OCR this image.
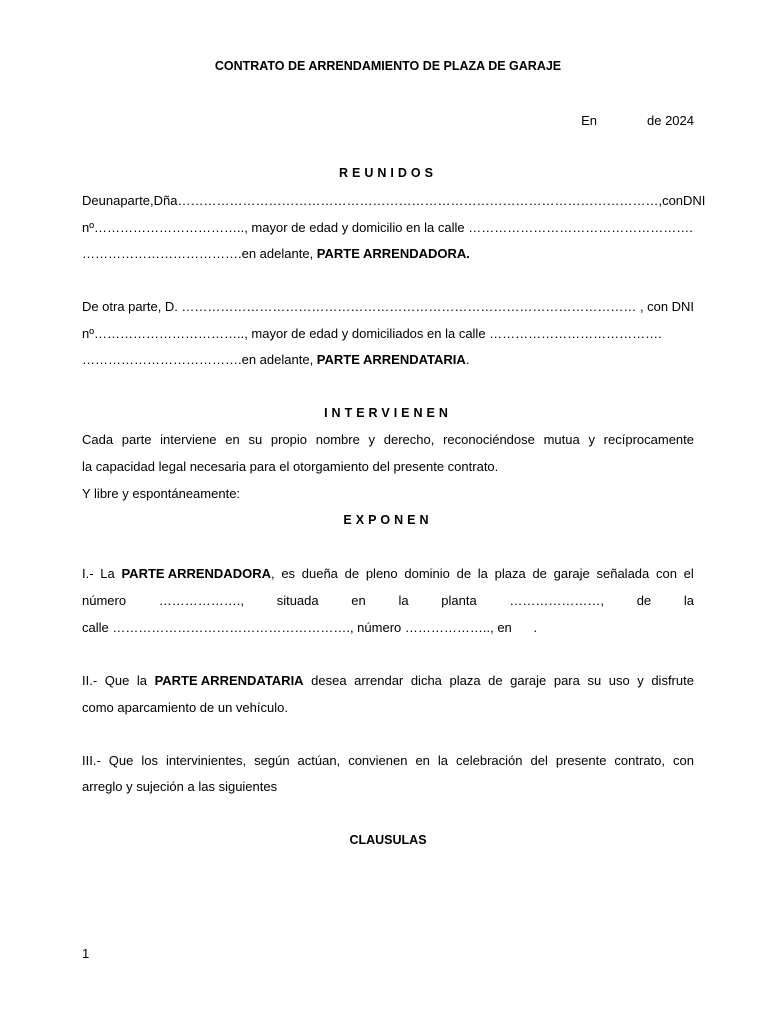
CONTRATO DE ARRENDAMIENTO DE PLAZA DE GARAJE
En	de 2024
REUNIDOS
De una parte, Dña ………………………………………………………………………………………………… , con DNI
nº…………………………….., mayor de edad y domicilio en la calle …………………………………………….
……………………………….en adelante, PARTE ARRENDADORA.
De otra parte, D. …………………………………………………………………………………………… , con DNI
nº…………………………….., mayor de edad y domiciliados en la calle ………………………………….
……………………………….en adelante, PARTE ARRENDATARIA.
INTERVIENEN
Cada parte interviene en su propio nombre y derecho, reconociéndose mutua y recíprocamente
la capacidad legal necesaria para el otorgamiento del presente contrato.
Y libre y espontáneamente:
EXPONEN
I.- La PARTE ARRENDADORA, es dueña de pleno dominio de la plaza de garaje señalada con el
número	……………….,	situada	en	la	planta	…………………,	de	la
calle ………………………………………………., número ……………….., en      .
II.- Que la PARTE ARRENDATARIA desea arrendar dicha plaza de garaje para su uso y disfrute
como aparcamiento de un vehículo.
III.- Que los intervinientes, según actúan, convienen en la celebración del presente contrato, con
arreglo y sujeción a las siguientes
CLAUSULAS
1
